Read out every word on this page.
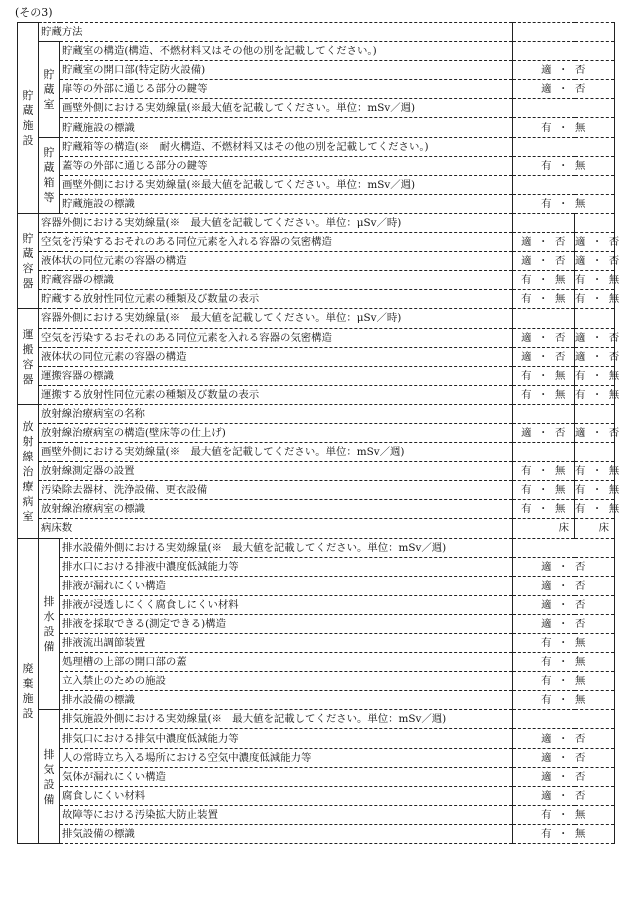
(その3)
貯蔵施設	貯蔵方法			
	貯蔵室	貯蔵室の構造(構造、不燃材料又はその他の別を記載してください。)		
		貯蔵室の開口部(特定防火設備)	適 ・ 否	
		扉等の外部に通じる部分の鍵等	適 ・ 否	
		画壁外側における実効線量(※最大値を記載してください。単位：mSv／週)		
		貯蔵施設の標識	有 ・ 無	
	貯蔵箱等	貯蔵箱等の構造(※　耐火構造、不燃材料又はその他の別を記載してください。)		
		蓋等の外部に通じる部分の鍵等	有 ・ 無	
		画壁外側における実効線量(※最大値を記載してください。単位：mSv／週)		
		貯蔵施設の標識	有 ・ 無	
貯蔵容器	容器外側における実効線量(※　最大値を記載してください。単位：μSv／時)			
	空気を汚染するおそれのある同位元素を入れる容器の気密構造		適 ・ 否	適 ・ 否
	液体状の同位元素の容器の構造		適 ・ 否	適 ・ 否
	貯蔵容器の標識		有 ・ 無	有 ・ 無
	貯蔵する放射性同位元素の種類及び数量の表示		有 ・ 無	有 ・ 無
運搬容器	容器外側における実効線量(※　最大値を記載してください。単位：μSv／時)			
	空気を汚染するおそれのある同位元素を入れる容器の気密構造		適 ・ 否	適 ・ 否
	液体状の同位元素の容器の構造		適 ・ 否	適 ・ 否
	運搬容器の標識		有 ・ 無	有 ・ 無
	運搬する放射性同位元素の種類及び数量の表示		有 ・ 無	有 ・ 無
放射線治療病室	放射線治療病室の名称			
	放射線治療病室の構造(壁床等の仕上げ)		適 ・ 否	適 ・ 否
	画壁外側における実効線量(※　最大値を記載してください。単位：mSv／週)			
	放射線測定器の設置		有 ・ 無	有 ・ 無
	汚染除去器材、洗浄設備、更衣設備		有 ・ 無	有 ・ 無
	放射線治療病室の標識		有 ・ 無	有 ・ 無
	病床数		床	床
廃棄施設	排水設備	排水設備外側における実効線量(※　最大値を記載してください。単位：mSv／週)		
		排水口における排液中濃度低減能力等	適 ・ 否	
		排液が漏れにくい構造	適 ・ 否	
		排液が浸透しにくく腐食しにくい材料	適 ・ 否	
		排液を採取できる(測定できる)構造	適 ・ 否	
		排液流出調節装置	有 ・ 無	
		処理槽の上部の開口部の蓋	有 ・ 無	
		立入禁止のための施設	有 ・ 無	
		排水設備の標識	有 ・ 無	
	排気設備	排気施設外側における実効線量(※　最大値を記載してください。単位：mSv／週)		
		排気口における排気中濃度低減能力等	適 ・ 否	
		人の常時立ち入る場所における空気中濃度低減能力等	適 ・ 否	
		気体が漏れにくい構造	適 ・ 否	
		腐食しにくい材料	適 ・ 否	
		故障等における汚染拡大防止装置	有 ・ 無	
		排気設備の標識	有 ・ 無	
